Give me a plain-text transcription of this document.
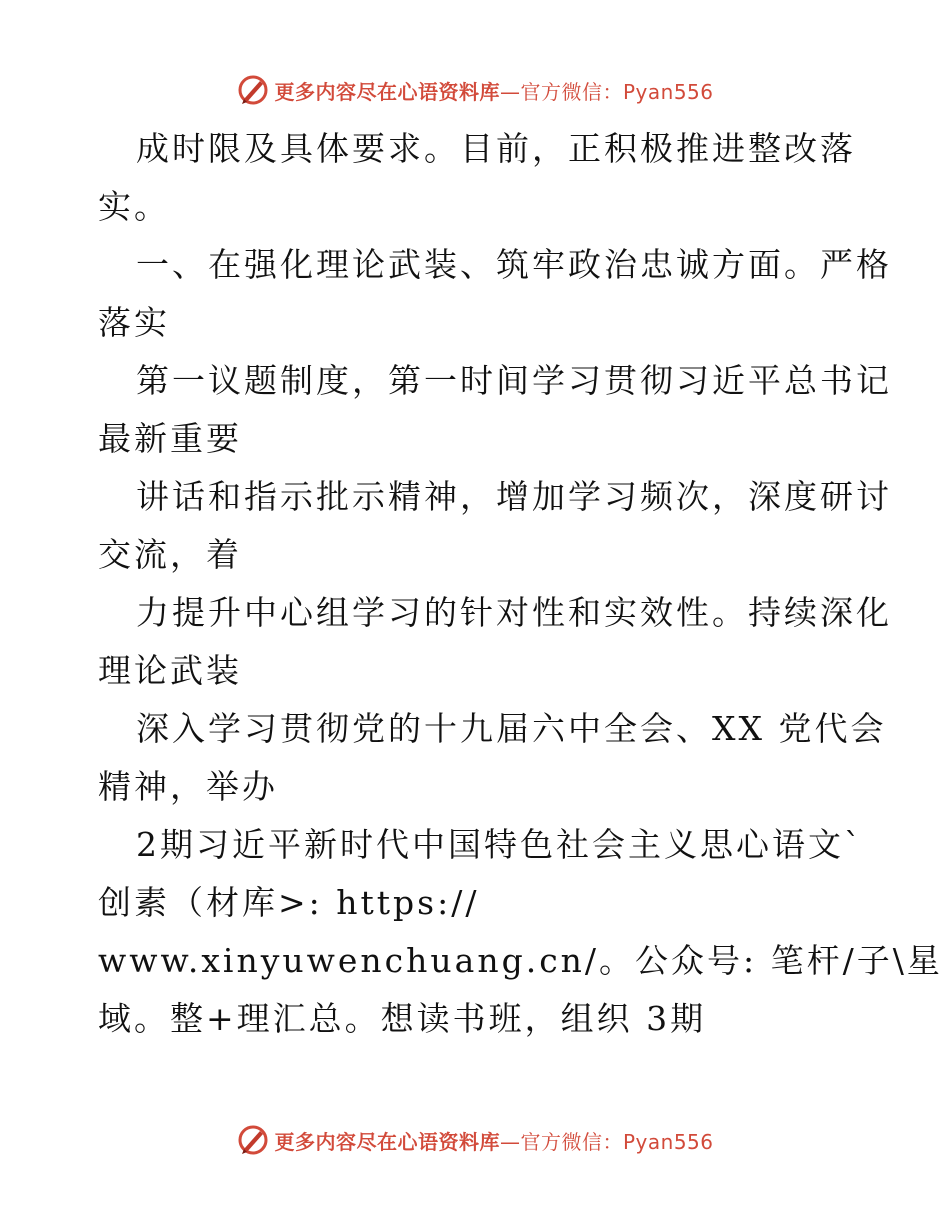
更多内容尽在心语资料库—官方微信：Pyan556
成时限及具体要求。目前，正积极推进整改落
实。
一、在强化理论武装、筑牢政治忠诚方面。严格
落实
第一议题制度，第一时间学习贯彻习近平总书记
最新重要
讲话和指示批示精神，增加学习频次，深度研讨
交流，着
力提升中心组学习的针对性和实效性。持续深化
理论武装
深入学习贯彻党的十九届六中全会、XX 党代会
精神，举办
2期习近平新时代中国特色社会主义思心语文`
创素（材库>: https://
www.xinyuwenchuang.cn/。公众号: 笔杆/子\星
域。整+理汇总。想读书班，组织 3期
更多内容尽在心语资料库—官方微信：Pyan556
